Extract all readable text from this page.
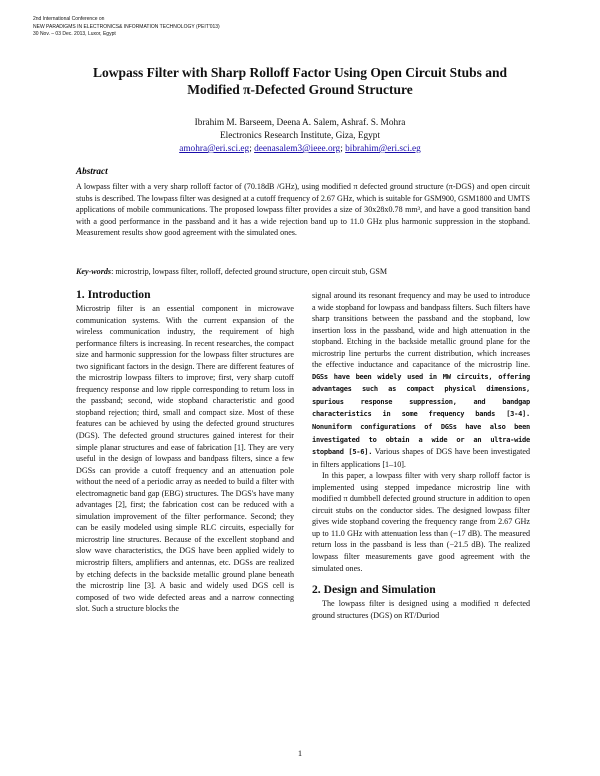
2nd International Conference on
NEW PARADIGMS IN ELECTRONICS& INFORMATION TECHNOLOGY (PEIT'013)
30 Nov. – 03 Dec. 2013, Luxor, Egypt
Lowpass Filter with Sharp Rolloff Factor Using Open Circuit Stubs and
Modified π-Defected Ground Structure
Ibrahim M. Barseem, Deena A. Salem, Ashraf. S. Mohra
Electronics Research Institute, Giza, Egypt
amohra@eri.sci.eg; deenasalem3@ieee.org; bibrahim@eri.sci.eg
Abstract
A lowpass filter with a very sharp rolloff factor of (70.18dB /GHz), using modified π defected ground structure (π-DGS) and open circuit stubs is described. The lowpass filter was designed at a cutoff frequency of 2.67 GHz, which is suitable for GSM900, GSM1800 and UMTS applications of mobile communications. The proposed lowpass filter provides a size of 30x28x0.78 mm³, and have a good transition band with a good performance in the passband and it has a wide rejection band up to 11.0 GHz plus harmonic suppression in the stopband. Measurement results show good agreement with the simulated ones.
Key-words: microstrip, lowpass filter, rolloff, defected ground structure, open circuit stub, GSM
1. Introduction

Microstrip filter is an essential component in microwave communication systems. With the current expansion of the wireless communication industry, the requirement of high performance filters is increasing. In recent researches, the compact size and harmonic suppression for the lowpass filter structures are two significant factors in the design. There are different features of the microstrip lowpass filters to improve; first, very sharp cutoff frequency response and low ripple corresponding to return loss in the passband; second, wide stopband characteristic and good stopband rejection; third, small and compact size. Most of these features can be achieved by using the defected ground structures (DGS). The defected ground structures gained interest for their simple planar structures and ease of fabrication [1]. They are very useful in the design of lowpass and bandpass filters, since a few DGSs can provide a cutoff frequency and an attenuation pole without the need of a periodic array as needed to build a filter with electromagnetic band gap (EBG) structures. The DGS's have many advantages [2], first; the fabrication cost can be reduced with a simulation improvement of the filter performance. Second; they can be easily modeled using simple RLC circuits, especially for microstrip line structures. Because of the excellent stopband and slow wave characteristics, the DGS have been applied widely to microstrip filters, amplifiers and antennas, etc. DGSs are realized by etching defects in the backside metallic ground plane beneath the microstrip line [3]. A basic and widely used DGS cell is composed of two wide defected areas and a narrow connecting slot. Such a structure blocks the

signal around its resonant frequency and may be used to introduce a wide stopband for lowpass and bandpass filters. Such filters have sharp transitions between the passband and the stopband, low insertion loss in the passband, wide and high attenuation in the stopband. Etching in the backside metallic ground plane for the microstrip line perturbs the current distribution, which increases the effective inductance and capacitance of the microstrip line. DGSs have been widely used in MW circuits, offering advantages such as compact physical dimensions, spurious response suppression, and bandgap characteristics in some frequency bands [3-4]. Nonuniform configurations of DGSs have also been investigated to obtain a wide or an ultra-wide stopband [5-6]. Various shapes of DGS have been investigated in filters applications [1–10].

In this paper, a lowpass filter with very sharp rolloff factor is implemented using stepped impedance microstrip line with modified π dumbbell defected ground structure in addition to open circuit stubs on the conductor sides. The designed lowpass filter gives wide stopband covering the frequency range from 2.67 GHz up to 11.0 GHz with attenuation less than (−17 dB). The measured return loss in the passband is less than (−21.5 dB). The realized lowpass filter measurements gave good agreement with the simulated ones.

2. Design and Simulation

The lowpass filter is designed using a modified π defected ground structures (DGS) on RT/Duriod

1
